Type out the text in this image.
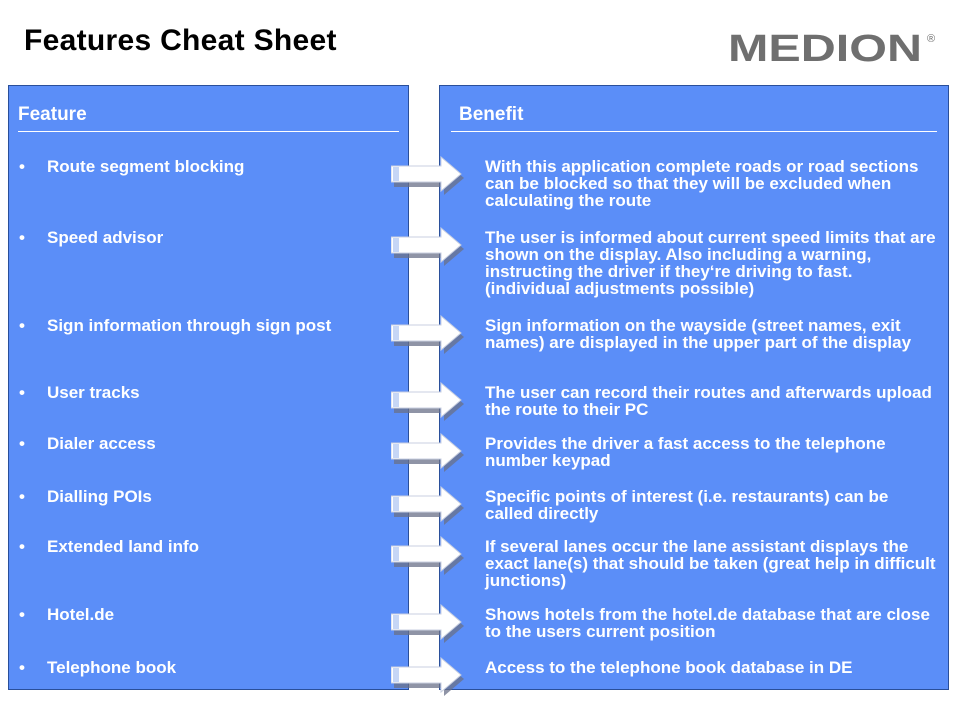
Features Cheat Sheet	MEDION ®
Feature	Benefit
• Route segment blocking	With this application complete roads or road sections can be blocked so that they will be excluded when calculating the route
• Speed advisor	The user is informed about current speed limits that are shown on the display. Also including a warning, instructing the driver if they‘re driving to fast. (individual adjustments possible)
• Sign information through sign post	Sign information on the wayside (street names, exit names) are displayed in the upper part of the display
• User tracks	The user can record their routes and afterwards upload the route to their PC
• Dialer access	Provides the driver a fast access to the telephone number keypad
• Dialling POIs	Specific points of interest (i.e. restaurants) can be called directly
• Extended land info	If several lanes occur the lane assistant displays the exact lane(s) that should be taken (great help in difficult junctions)
• Hotel.de	Shows hotels from the hotel.de database that are close to the users current position
• Telephone book	Access to the telephone book database in DE
